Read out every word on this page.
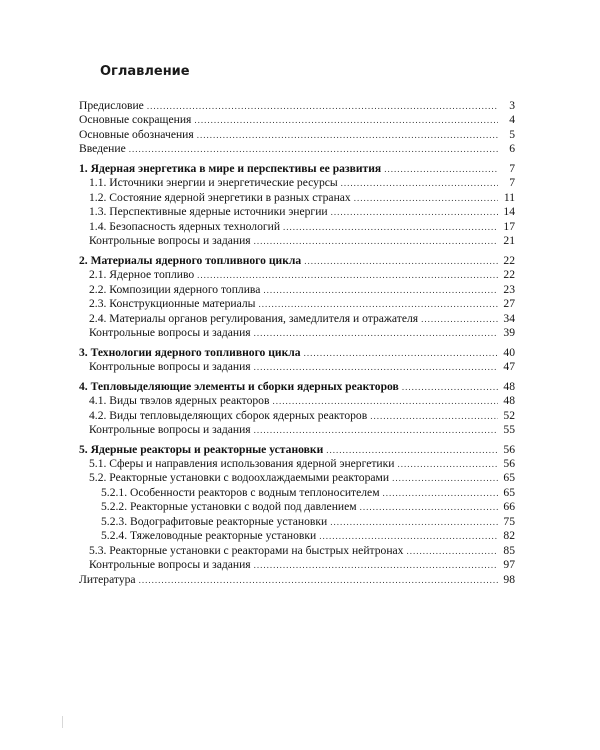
Оглавление
Предисловие .....	3
Основные сокращения .....	4
Основные обозначения .....	5
Введение .....	6
1. Ядерная энергетика в мире и перспективы ее развития .....	7
1.1. Источники энергии и энергетические ресурсы .....	7
1.2. Состояние ядерной энергетики в разных странах .....	11
1.3. Перспективные ядерные источники энергии .....	14
1.4. Безопасность ядерных технологий .....	17
Контрольные вопросы и задания .....	21
2. Материалы ядерного топливного цикла .....	22
2.1. Ядерное топливо .....	22
2.2. Композиции ядерного топлива .....	23
2.3. Конструкционные материалы .....	27
2.4. Материалы органов регулирования, замедлителя и отражателя .....	34
Контрольные вопросы и задания .....	39
3. Технологии ядерного топливного цикла .....	40
Контрольные вопросы и задания .....	47
4. Тепловыделяющие элементы и сборки ядерных реакторов .....	48
4.1. Виды твэлов ядерных реакторов .....	48
4.2. Виды тепловыделяющих сборок ядерных реакторов .....	52
Контрольные вопросы и задания .....	55
5. Ядерные реакторы и реакторные установки .....	56
5.1. Сферы и направления использования ядерной энергетики .....	56
5.2. Реакторные установки с водоохлаждаемыми реакторами .....	65
5.2.1. Особенности реакторов с водным теплоносителем .....	65
5.2.2. Реакторные установки с водой под давлением .....	66
5.2.3. Водографитовые реакторные установки .....	75
5.2.4. Тяжеловодные реакторные установки .....	82
5.3. Реакторные установки с реакторами на быстрых нейтронах .....	85
Контрольные вопросы и задания .....	97
Литература .....	98
